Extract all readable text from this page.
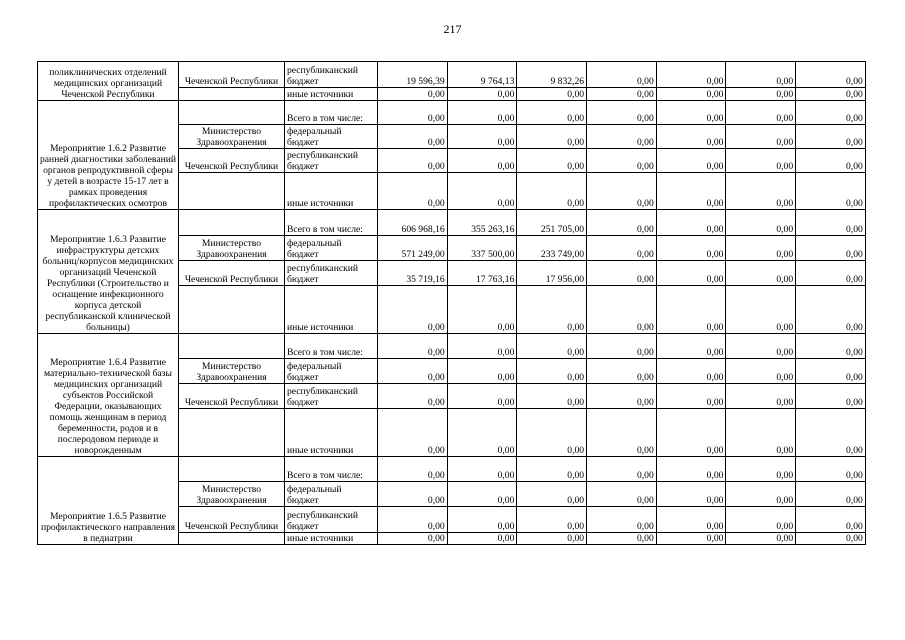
217
поликлинических отделений медицинских организаций Чеченской Республики	Чеченской Республики	республиканский бюджет	19 596,39	9 764,13	9 832,26	0,00	0,00	0,00	0,00
		иные источники	0,00	0,00	0,00	0,00	0,00	0,00	0,00
Мероприятие 1.6.2 Развитие ранней диагностики заболеваний органов репродуктивной сферы у детей в возрасте 15-17 лет в рамках проведения профилактических осмотров		Всего в том числе:	0,00	0,00	0,00	0,00	0,00	0,00	0,00
	Министерство Здравоохранения	федеральный бюджет	0,00	0,00	0,00	0,00	0,00	0,00	0,00
	Чеченской Республики	республиканский бюджет	0,00	0,00	0,00	0,00	0,00	0,00	0,00
		иные источники	0,00	0,00	0,00	0,00	0,00	0,00	0,00
Мероприятие 1.6.3 Развитие инфраструктуры детских больниц/корпусов медицинских организаций Чеченской Республики (Строительство и оснащение инфекционного корпуса детской республиканской клинической больницы)		Всего в том числе:	606 968,16	355 263,16	251 705,00	0,00	0,00	0,00	0,00
	Министерство Здравоохранения	федеральный бюджет	571 249,00	337 500,00	233 749,00	0,00	0,00	0,00	0,00
	Чеченской Республики	республиканский бюджет	35 719,16	17 763,16	17 956,00	0,00	0,00	0,00	0,00
		иные источники	0,00	0,00	0,00	0,00	0,00	0,00	0,00
Мероприятие 1.6.4 Развитие материально-технической базы медицинских организаций субъектов Российской Федерации, оказывающих помощь женщинам в период беременности, родов и в послеродовом периоде и новорожденным		Всего в том числе:	0,00	0,00	0,00	0,00	0,00	0,00	0,00
	Министерство Здравоохранения	федеральный бюджет	0,00	0,00	0,00	0,00	0,00	0,00	0,00
	Чеченской Республики	республиканский бюджет	0,00	0,00	0,00	0,00	0,00	0,00	0,00
		иные источники	0,00	0,00	0,00	0,00	0,00	0,00	0,00
Мероприятие 1.6.5 Развитие профилактического направления в педиатрии		Всего в том числе:	0,00	0,00	0,00	0,00	0,00	0,00	0,00
	Министерство Здравоохранения	федеральный бюджет	0,00	0,00	0,00	0,00	0,00	0,00	0,00
	Чеченской Республики	республиканский бюджет	0,00	0,00	0,00	0,00	0,00	0,00	0,00
		иные источники	0,00	0,00	0,00	0,00	0,00	0,00	0,00
